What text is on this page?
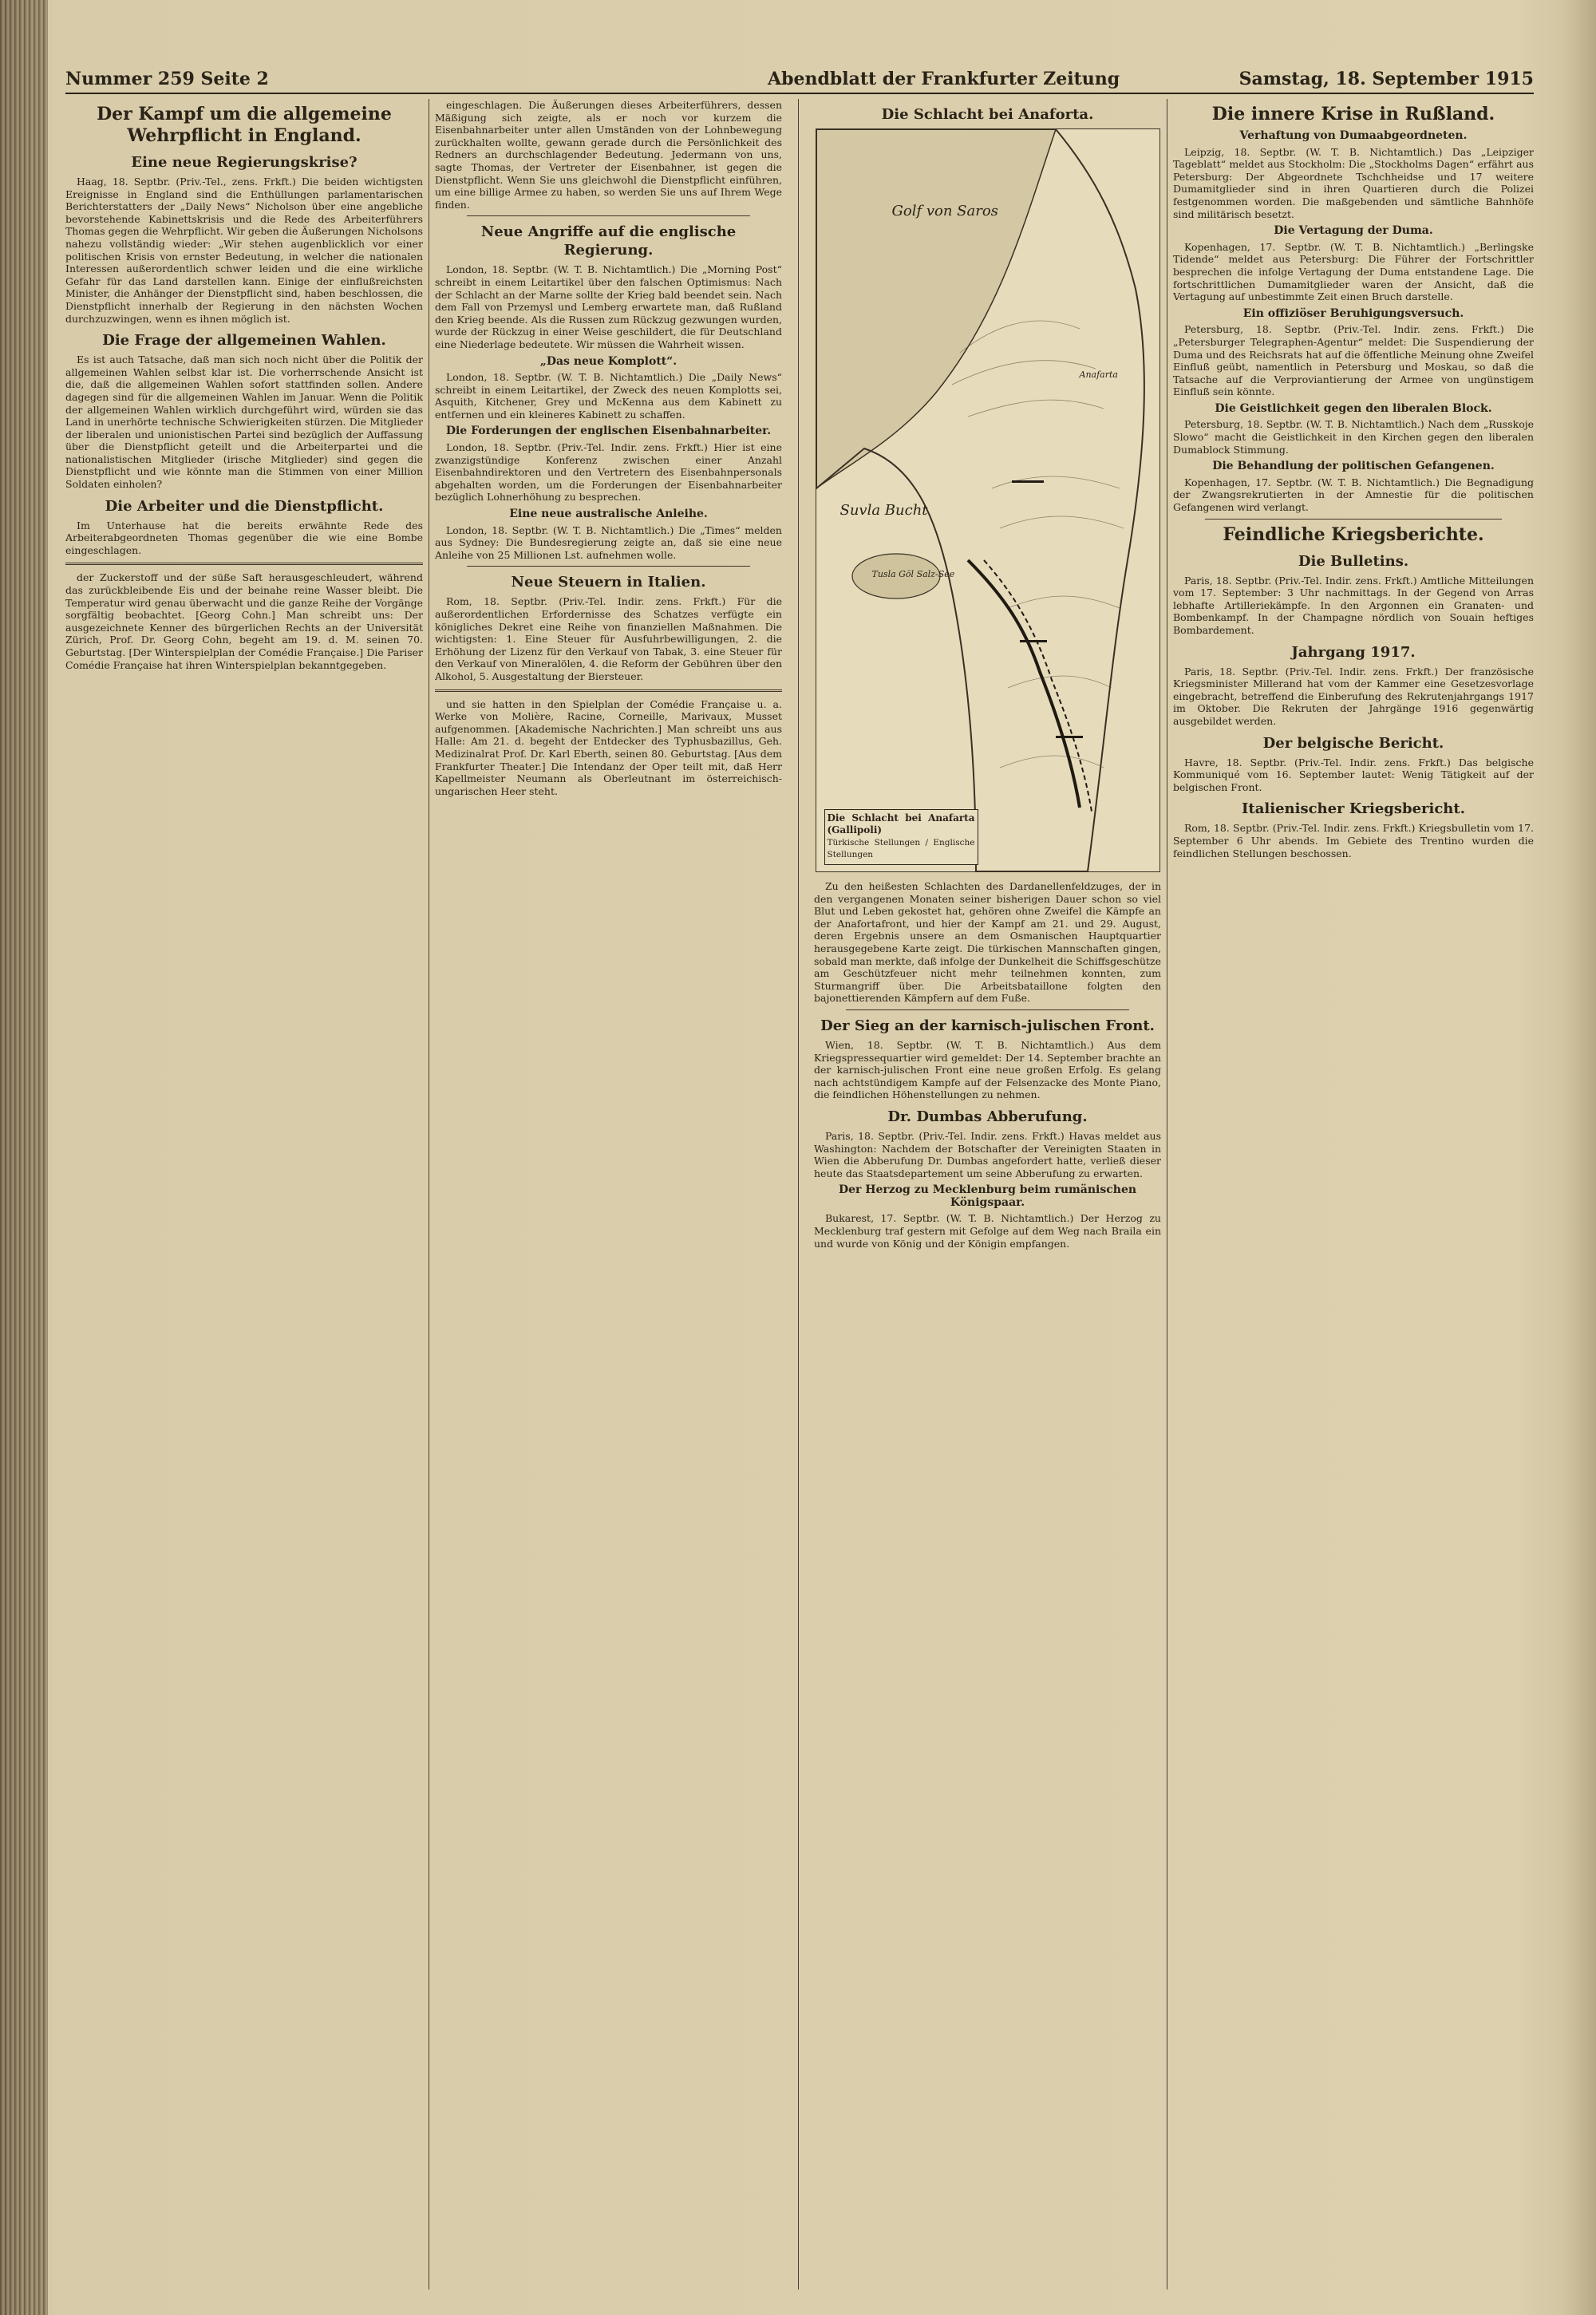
Nummer 259 Seite 2	Abendblatt der Frankfurter Zeitung	Samstag, 18. September 1915
Der Kampf um die allgemeine Wehrpflicht in England.
Eine neue Regierungskrise?

Haag, 18. Septbr. (Priv.-Tel., zens. Frkft.) Die beiden wichtigsten Ereignisse in England sind die Enthüllungen parlamentarischen Berichterstatters der „Daily News“ Nicholson über eine angebliche bevorstehende Kabinettskrisis und die Rede des Arbeiterführers Thomas gegen die Wehrpflicht. Wir geben die Äußerungen Nicholsons nahezu vollständig wieder: „Wir stehen augenblicklich vor einer politischen Krisis von ernster Bedeutung, in welcher die nationalen Interessen außerordentlich schwer leiden und die eine wirkliche Gefahr für das Land darstellen kann. Einige der einflußreichsten Minister, die Anhänger der Dienstpflicht sind, haben beschlossen, die Dienstpflicht innerhalb der Regierung in den nächsten Wochen durchzuzwingen, wenn es ihnen möglich ist.

Die Frage der allgemeinen Wahlen.

Es ist auch Tatsache, daß man sich noch nicht über die Politik der allgemeinen Wahlen selbst klar ist. Die vorherrschende Ansicht ist die, daß die allgemeinen Wahlen sofort stattfinden sollen. Andere dagegen sind für die allgemeinen Wahlen im Januar. Wenn die Politik der allgemeinen Wahlen wirklich durchgeführt wird, würden sie das Land in unerhörte technische Schwierigkeiten stürzen. Die Mitglieder der liberalen und unionistischen Partei sind bezüglich der Auffassung über die Dienstpflicht geteilt und die Arbeiterpartei und die nationalistischen Mitglieder (irische Mitglieder) sind gegen die Dienstpflicht und wie könnte man die Stimmen von einer Million Soldaten einholen?

Die Arbeiter und die Dienstpflicht.

Im Unterhause hat die bereits erwähnte Rede des Arbeiterabgeordneten Thomas gegenüber die wie eine Bombe eingeschlagen.

der Zuckerstoff und der süße Saft herausgeschleudert, während das zurückbleibende Eis und der beinahe reine Wasser bleibt. Die Temperatur wird genau überwacht und die ganze Reihe der Vorgänge sorgfältig beobachtet. [Georg Cohn.] Man schreibt uns: Der ausgezeichnete Kenner des bürgerlichen Rechts an der Universität Zürich, Prof. Dr. Georg Cohn, begeht am 19. d. M. seinen 70. Geburtstag. [Der Winterspielplan der Comédie Française.] Die Pariser Comédie Française hat ihren Winterspielplan bekanntgegeben.

eingeschlagen. Die Äußerungen dieses Arbeiterführers, dessen Mäßigung sich zeigte, als er noch vor kurzem die Eisenbahnarbeiter unter allen Umständen von der Lohnbewegung zurückhalten wollte, gewann gerade durch die Persönlichkeit des Redners an durchschlagender Bedeutung. Jedermann von uns, sagte Thomas, der Vertreter der Eisenbahner, ist gegen die Dienstpflicht. Wenn Sie uns gleichwohl die Dienstpflicht einführen, um eine billige Armee zu haben, so werden Sie uns auf Ihrem Wege finden.

Neue Angriffe auf die englische Regierung.

London, 18. Septbr. (W. T. B. Nichtamtlich.) Die „Morning Post“ schreibt in einem Leitartikel über den falschen Optimismus: Nach der Schlacht an der Marne sollte der Krieg bald beendet sein. Nach dem Fall von Przemysl und Lemberg erwartete man, daß Rußland den Krieg beende. Als die Russen zum Rückzug gezwungen wurden, wurde der Rückzug in einer Weise geschildert, die für Deutschland eine Niederlage bedeutete. Wir müssen die Wahrheit wissen.

„Das neue Komplott“.

London, 18. Septbr. (W. T. B. Nichtamtlich.) Die „Daily News“ schreibt in einem Leitartikel, der Zweck des neuen Komplotts sei, Asquith, Kitchener, Grey und McKenna aus dem Kabinett zu entfernen und ein kleineres Kabinett zu schaffen.

Die Forderungen der englischen Eisenbahnarbeiter.

London, 18. Septbr. (Priv.-Tel. Indir. zens. Frkft.) Hier ist eine zwanzigstündige Konferenz zwischen einer Anzahl Eisenbahndirektoren und den Vertretern des Eisenbahnpersonals abgehalten worden, um die Forderungen der Eisenbahnarbeiter bezüglich Lohnerhöhung zu besprechen.

Eine neue australische Anleihe.

London, 18. Septbr. (W. T. B. Nichtamtlich.) Die „Times“ melden aus Sydney: Die Bundesregierung zeigte an, daß sie eine neue Anleihe von 25 Millionen Lst. aufnehmen wolle.

Neue Steuern in Italien.

Rom, 18. Septbr. (Priv.-Tel. Indir. zens. Frkft.) Für die außerordentlichen Erfordernisse des Schatzes verfügte ein königliches Dekret eine Reihe von finanziellen Maßnahmen. Die wichtigsten: 1. Eine Steuer für Ausfuhrbewilligungen, 2. die Erhöhung der Lizenz für den Verkauf von Tabak, 3. eine Steuer für den Verkauf von Mineralölen, 4. die Reform der Gebühren über den Alkohol, 5. Ausgestaltung der Biersteuer.

und sie hatten in den Spielplan der Comédie Française u. a. Werke von Molière, Racine, Corneille, Marivaux, Musset aufgenommen. [Akademische Nachrichten.] Man schreibt uns aus Halle: Am 21. d. begeht der Entdecker des Typhusbazillus, Geh. Medizinalrat Prof. Dr. Karl Eberth, seinen 80. Geburtstag. [Aus dem Frankfurter Theater.] Die Intendanz der Oper teilt mit, daß Herr Kapellmeister Neumann als Oberleutnant im österreichisch-ungarischen Heer steht.

Die Schlacht bei Anaforta.
Golf von Saros
Suvla Bucht
Tusla Göl Salz-See
Anafarta
Die Schlacht bei Anafarta (Gallipoli)
Türkische Stellungen / Englische Stellungen

Zu den heißesten Schlachten des Dardanellenfeldzuges, der in den vergangenen Monaten seiner bisherigen Dauer schon so viel Blut und Leben gekostet hat, gehören ohne Zweifel die Kämpfe an der Anafortafront, und hier der Kampf am 21. und 29. August, deren Ergebnis unsere an dem Osmanischen Hauptquartier herausgegebene Karte zeigt. Die türkischen Mannschaften gingen, sobald man merkte, daß infolge der Dunkelheit die Schiffsgeschütze am Geschützfeuer nicht mehr teilnehmen konnten, zum Sturmangriff über. Die Arbeitsbataillone folgten den bajonettierenden Kämpfern auf dem Fuße.

Der Sieg an der karnisch-julischen Front.

Wien, 18. Septbr. (W. T. B. Nichtamtlich.) Aus dem Kriegspressequartier wird gemeldet: Der 14. September brachte an der karnisch-julischen Front eine neue großen Erfolg. Es gelang nach achtstündigem Kampfe auf der Felsenzacke des Monte Piano, die feindlichen Höhenstellungen zu nehmen.

Dr. Dumbas Abberufung.

Paris, 18. Septbr. (Priv.-Tel. Indir. zens. Frkft.) Havas meldet aus Washington: Nachdem der Botschafter der Vereinigten Staaten in Wien die Abberufung Dr. Dumbas angefordert hatte, verließ dieser heute das Staatsdepartement um seine Abberufung zu erwarten.

Der Herzog zu Mecklenburg beim rumänischen Königspaar.

Bukarest, 17. Septbr. (W. T. B. Nichtamtlich.) Der Herzog zu Mecklenburg traf gestern mit Gefolge auf dem Weg nach Braila ein und wurde von König und der Königin empfangen.

Die innere Krise in Rußland.
Verhaftung von Dumaabgeordneten.

Leipzig, 18. Septbr. (W. T. B. Nichtamtlich.) Das „Leipziger Tageblatt“ meldet aus Stockholm: Die „Stockholms Dagen“ erfährt aus Petersburg: Der Abgeordnete Tschchheidse und 17 weitere Dumamitglieder sind in ihren Quartieren durch die Polizei festgenommen worden. Die maßgebenden und sämtliche Bahnhöfe sind militärisch besetzt.

Die Vertagung der Duma.

Kopenhagen, 17. Septbr. (W. T. B. Nichtamtlich.) „Berlingske Tidende“ meldet aus Petersburg: Die Führer der Fortschrittler besprechen die infolge Vertagung der Duma entstandene Lage. Die fortschrittlichen Dumamitglieder waren der Ansicht, daß die Vertagung auf unbestimmte Zeit einen Bruch darstelle.

Ein offiziöser Beruhigungsversuch.

Petersburg, 18. Septbr. (Priv.-Tel. Indir. zens. Frkft.) Die „Petersburger Telegraphen-Agentur“ meldet: Die Suspendierung der Duma und des Reichsrats hat auf die öffentliche Meinung ohne Zweifel Einfluß geübt, namentlich in Petersburg und Moskau, so daß die Tatsache auf die Verproviantierung der Armee von ungünstigem Einfluß sein könnte.

Die Geistlichkeit gegen den liberalen Block.

Petersburg, 18. Septbr. (W. T. B. Nichtamtlich.) Nach dem „Russkoje Slowo“ macht die Geistlichkeit in den Kirchen gegen den liberalen Dumablock Stimmung.

Die Behandlung der politischen Gefangenen.

Kopenhagen, 17. Septbr. (W. T. B. Nichtamtlich.) Die Begnadigung der Zwangsrekrutierten in der Amnestie für die politischen Gefangenen wird verlangt.

Feindliche Kriegsberichte.
Die Bulletins.

Paris, 18. Septbr. (Priv.-Tel. Indir. zens. Frkft.) Amtliche Mitteilungen vom 17. September: 3 Uhr nachmittags. In der Gegend von Arras lebhafte Artilleriekämpfe. In den Argonnen ein Granaten- und Bombenkampf. In der Champagne nördlich von Souain heftiges Bombardement.

Jahrgang 1917.

Paris, 18. Septbr. (Priv.-Tel. Indir. zens. Frkft.) Der französische Kriegsminister Millerand hat vom der Kammer eine Gesetzesvorlage eingebracht, betreffend die Einberufung des Rekrutenjahrgangs 1917 im Oktober. Die Rekruten der Jahrgänge 1916 gegenwärtig ausgebildet werden.

Der belgische Bericht.

Havre, 18. Septbr. (Priv.-Tel. Indir. zens. Frkft.) Das belgische Kommuniqué vom 16. September lautet: Wenig Tätigkeit auf der belgischen Front.

Italienischer Kriegsbericht.

Rom, 18. Septbr. (Priv.-Tel. Indir. zens. Frkft.) Kriegsbulletin vom 17. September 6 Uhr abends. Im Gebiete des Trentino wurden die feindlichen Stellungen beschossen.
